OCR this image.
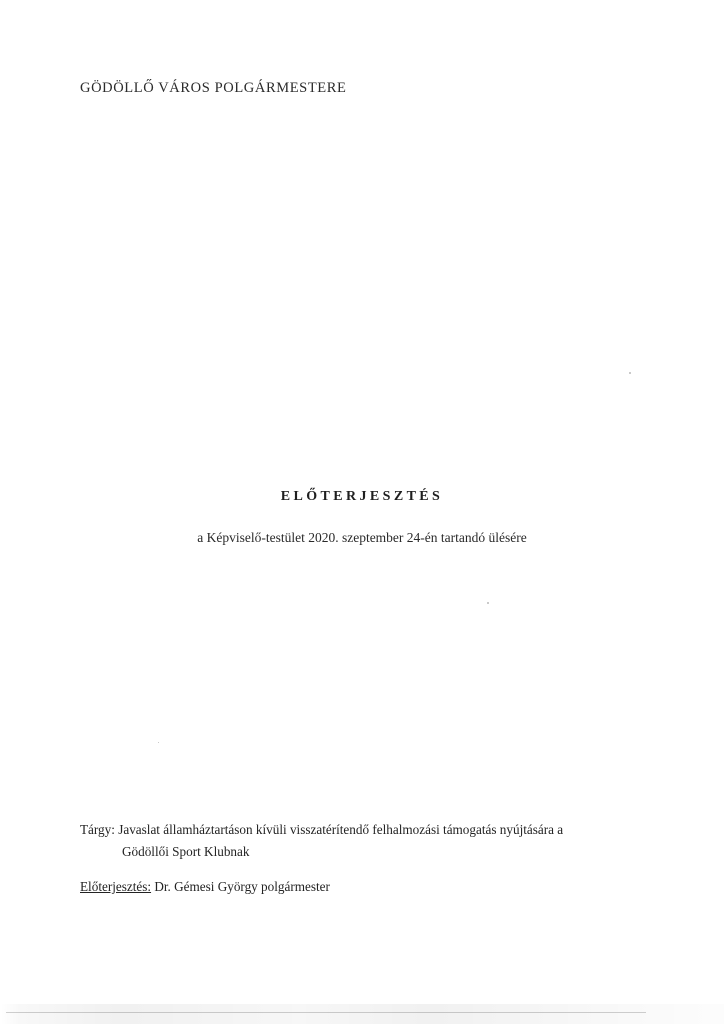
GÖDÖLLŐ VÁROS POLGÁRMESTERE
ELŐTERJESZTÉS
a Képviselő-testület 2020. szeptember 24-én tartandó ülésére
Tárgy: Javaslat államháztartáson kívüli visszatérítendő felhalmozási támogatás nyújtására a
Gödöllői Sport Klubnak
Előterjesztés: Dr. Gémesi György polgármester
